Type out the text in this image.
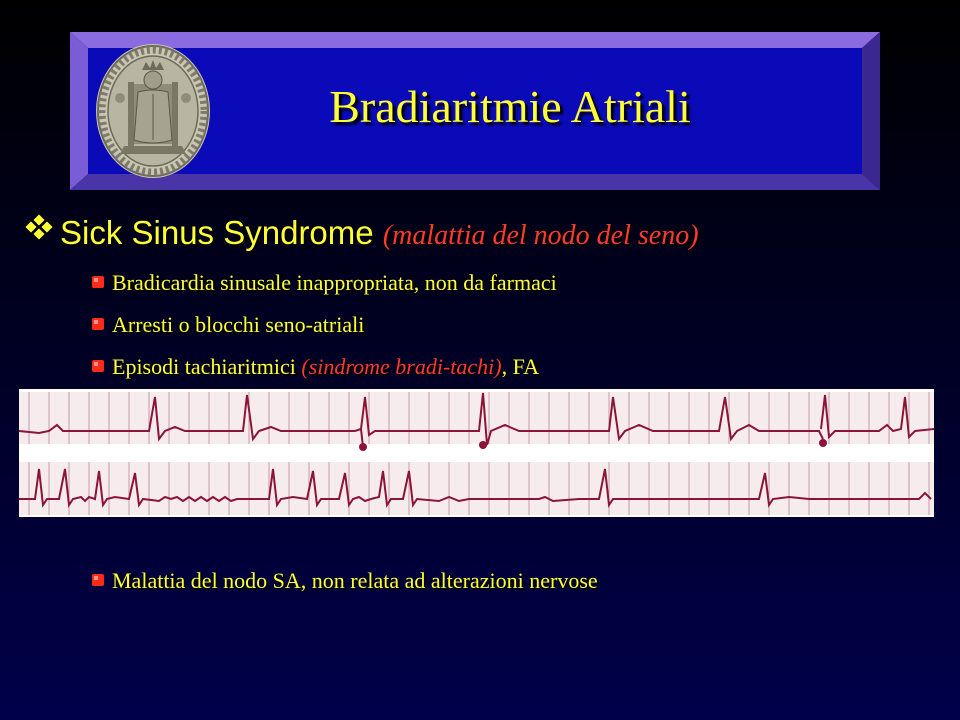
Bradiaritmie Atriali
Sick Sinus Syndrome (malattia del nodo del seno)
Bradicardia sinusale inappropriata, non da farmaci
Arresti o blocchi seno-atriali
Episodi tachiaritmici (sindrome bradi-tachi), FA
Malattia del nodo SA, non relata ad alterazioni nervose
